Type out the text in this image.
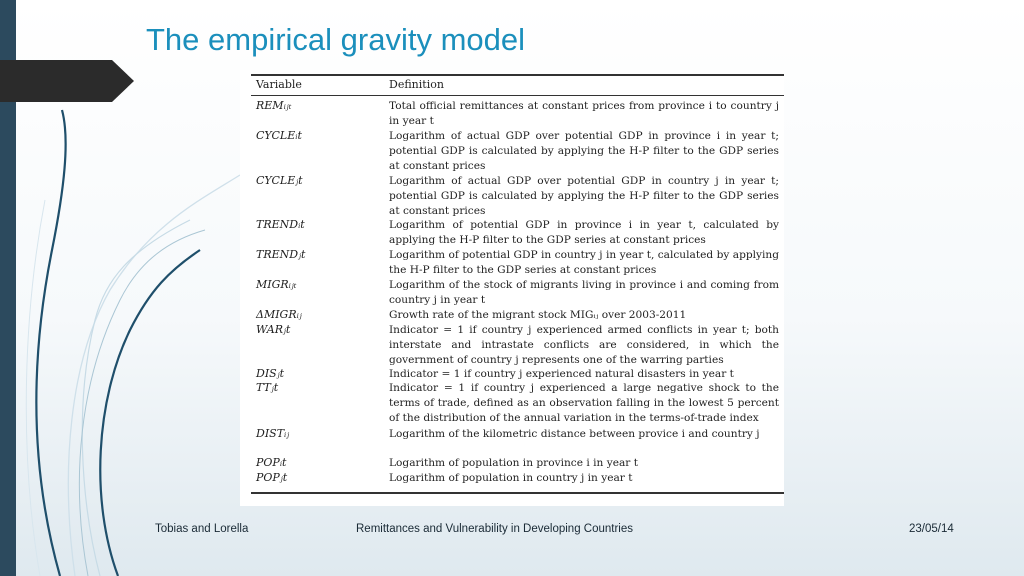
The empirical gravity model
Variable	Definition
REMᵢⱼₜ	Total official remittances at constant prices from province i to country j in year t
CYCLEᵢt	Logarithm of actual GDP over potential GDP in province i in year t; potential GDP is calculated by applying the H-P filter to the GDP series at constant prices
CYCLEⱼt	Logarithm of actual GDP over potential GDP in country j in year t; potential GDP is calculated by applying the H-P filter to the GDP series at constant prices
TRENDᵢt	Logarithm of potential GDP in province i in year t, calculated by applying the H-P filter to the GDP series at constant prices
TRENDⱼt	Logarithm of potential GDP in country j in year t, calculated by applying the H-P filter to the GDP series at constant prices
MIGRᵢⱼₜ	Logarithm of the stock of migrants living in province i and coming from country j in year t
ΔMIGRᵢⱼ	Growth rate of the migrant stock MIGᵢⱼ over 2003-2011
WARⱼt	Indicator = 1 if country j experienced armed conflicts in year t; both interstate and intrastate conflicts are considered, in which the government of country j represents one of the warring parties
DISⱼt	Indicator = 1 if country j experienced natural disasters in year t
TTⱼt	Indicator = 1 if country j experienced a large negative shock to the terms of trade, defined as an observation falling in the lowest 5 percent of the distribution of the annual variation in the terms-of-trade index
DISTᵢⱼ	Logarithm of the kilometric distance between provice i and country j
POPᵢt	Logarithm of population in province i in year t
POPⱼt	Logarithm of population in country j in year t
Tobias and Lorella	Remittances and Vulnerability in Developing Countries	23/05/14
